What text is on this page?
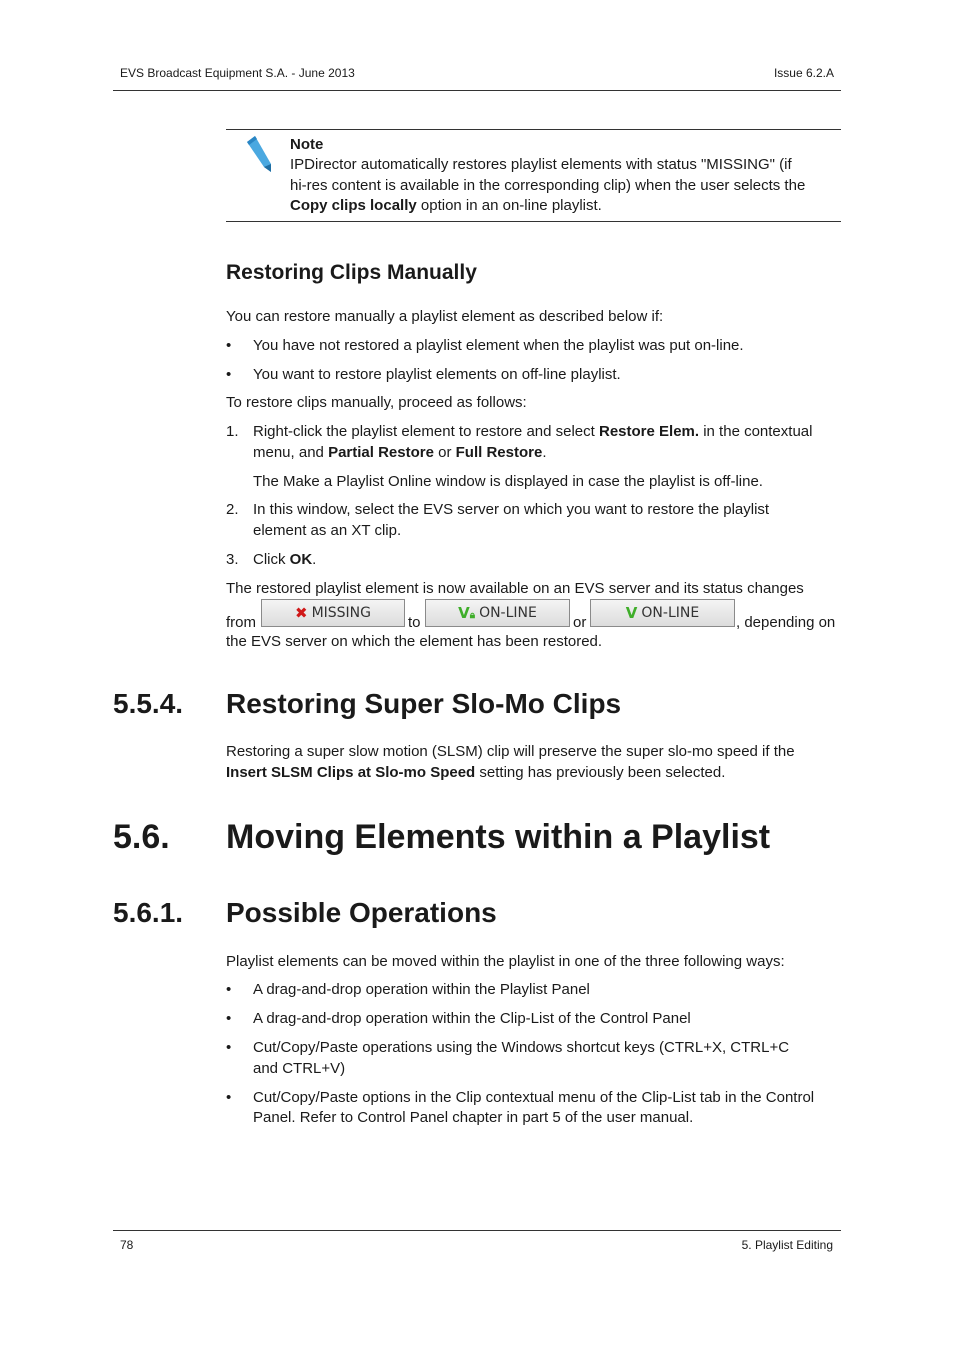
EVS Broadcast Equipment S.A. - June 2013	Issue 6.2.A
Note
IPDirector automatically restores playlist elements with status "MISSING" (if
hi-res content is available in the corresponding clip) when the user selects the
Copy clips locally option in an on-line playlist.
Restoring Clips Manually
You can restore manually a playlist element as described below if:
• You have not restored a playlist element when the playlist was put on-line.
• You want to restore playlist elements on off-line playlist.
To restore clips manually, proceed as follows:
1. Right-click the playlist element to restore and select Restore Elem. in the contextual
menu, and Partial Restore or Full Restore.
The Make a Playlist Online window is displayed in case the playlist is off-line.
2. In this window, select the EVS server on which you want to restore the playlist
element as an XT clip.
3. Click OK.
The restored playlist element is now available on an EVS server and its status changes
from
✖ MISSING
to
V🔒︎ ON-LINE
or
V ON-LINE
, depending on
the EVS server on which the element has been restored.
5.5.4. Restoring Super Slo-Mo Clips
Restoring a super slow motion (SLSM) clip will preserve the super slo-mo speed if the
Insert SLSM Clips at Slo-mo Speed setting has previously been selected.
5.6. Moving Elements within a Playlist
5.6.1. Possible Operations
Playlist elements can be moved within the playlist in one of the three following ways:
• A drag-and-drop operation within the Playlist Panel
• A drag-and-drop operation within the Clip-List of the Control Panel
• Cut/Copy/Paste operations using the Windows shortcut keys (CTRL+X, CTRL+C
and CTRL+V)
• Cut/Copy/Paste options in the Clip contextual menu of the Clip-List tab in the Control
Panel. Refer to Control Panel chapter in part 5 of the user manual.
78	5. Playlist Editing
